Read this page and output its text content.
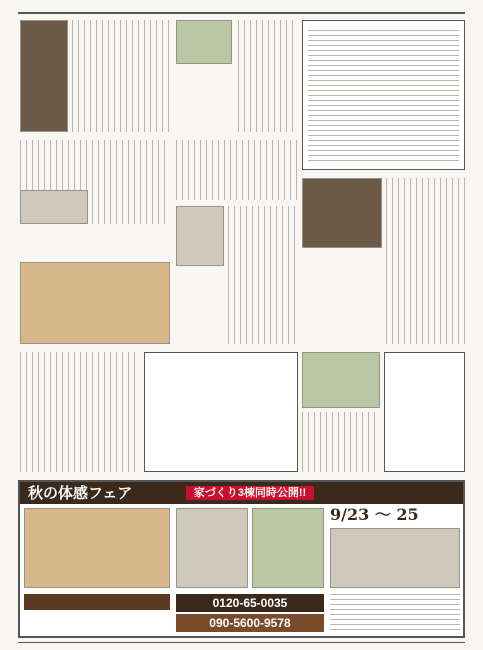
秋の体感フェア	家づくり3棟同時公開!!
9/23 ～ 25
0120-65-0035
090-5600-9578
